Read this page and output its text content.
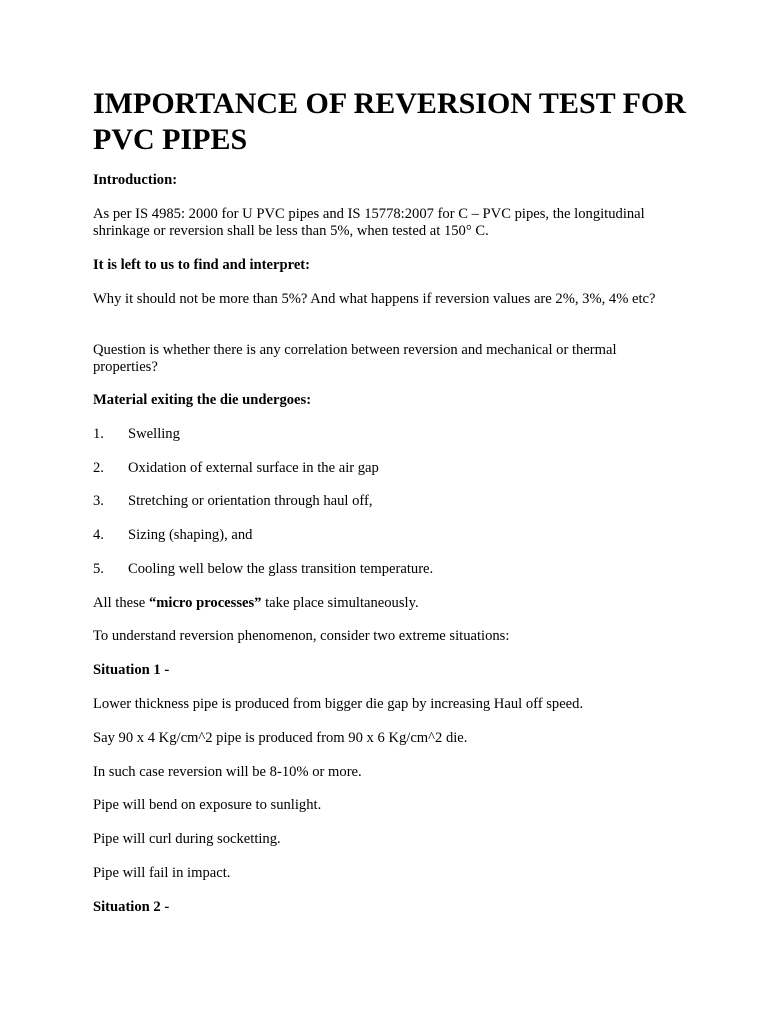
IMPORTANCE OF REVERSION TEST FOR PVC PIPES

Introduction:

As per IS 4985: 2000 for U PVC pipes and IS 15778:2007 for C – PVC pipes, the longitudinal shrinkage or reversion shall be less than 5%, when tested at 150° C.

It is left to us to find and interpret:

Why it should not be more than 5%? And what happens if reversion values are 2%, 3%, 4% etc?

Question is whether there is any correlation between reversion and mechanical or thermal properties?

Material exiting the die undergoes:

1. Swelling

2. Oxidation of external surface in the air gap

3. Stretching or orientation through haul off,

4. Sizing (shaping), and

5. Cooling well below the glass transition temperature.

All these “micro processes” take place simultaneously.

To understand reversion phenomenon, consider two extreme situations:

Situation 1 -

Lower thickness pipe is produced from bigger die gap by increasing Haul off speed.

Say 90 x 4 Kg/cm^2 pipe is produced from 90 x 6 Kg/cm^2 die.

In such case reversion will be 8-10% or more.

Pipe will bend on exposure to sunlight.

Pipe will curl during socketting.

Pipe will fail in impact.

Situation 2 -
